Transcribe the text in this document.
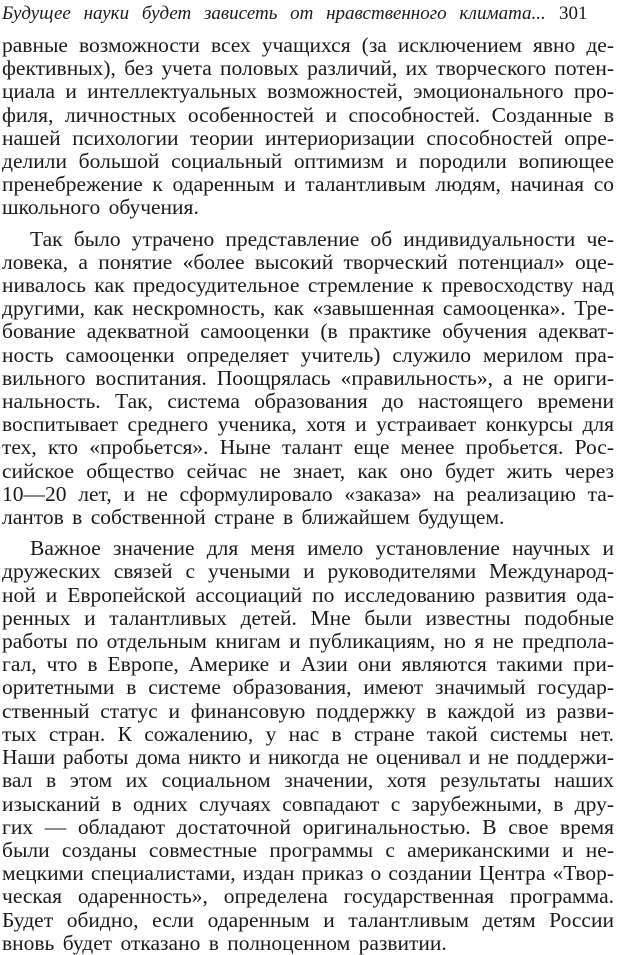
Будущее науки будет зависеть от нравственного климата... 301
равные возможности всех учащихся (за исключением явно де-
фективных), без учета половых различий, их творческого потен-
циала и интеллектуальных возможностей, эмоционального про-
филя, личностных особенностей и способностей. Созданные в
нашей психологии теории интериоризации способностей опре-
делили большой социальный оптимизм и породили вопиющее
пренебрежение к одаренным и талантливым людям, начиная со
школьного обучения.
Так было утрачено представление об индивидуальности че-
ловека, а понятие «более высокий творческий потенциал» оце-
нивалось как предосудительное стремление к превосходству над
другими, как нескромность, как «завышенная самооценка». Тре-
бование адекватной самооценки (в практике обучения адекват-
ность самооценки определяет учитель) служило мерилом пра-
вильного воспитания. Поощрялась «правильность», а не ориги-
нальность. Так, система образования до настоящего времени
воспитывает среднего ученика, хотя и устраивает конкурсы для
тех, кто «пробьется». Ныне талант еще менее пробьется. Рос-
сийское общество сейчас не знает, как оно будет жить через
10—20 лет, и не сформулировало «заказа» на реализацию та-
лантов в собственной стране в ближайшем будущем.
Важное значение для меня имело установление научных и
дружеских связей с учеными и руководителями Международ-
ной и Европейской ассоциаций по исследованию развития ода-
ренных и талантливых детей. Мне были известны подобные
работы по отдельным книгам и публикациям, но я не предпола-
гал, что в Европе, Америке и Азии они являются такими при-
оритетными в системе образования, имеют значимый государ-
ственный статус и финансовую поддержку в каждой из разви-
тых стран. К сожалению, у нас в стране такой системы нет.
Наши работы дома никто и никогда не оценивал и не поддержи-
вал в этом их социальном значении, хотя результаты наших
изысканий в одних случаях совпадают с зарубежными, в дру-
гих — обладают достаточной оригинальностью. В свое время
были созданы совместные программы с американскими и не-
мецкими специалистами, издан приказ о создании Центра «Твор-
ческая одаренность», определена государственная программа.
Будет обидно, если одаренным и талантливым детям России
вновь будет отказано в полноценном развитии.
